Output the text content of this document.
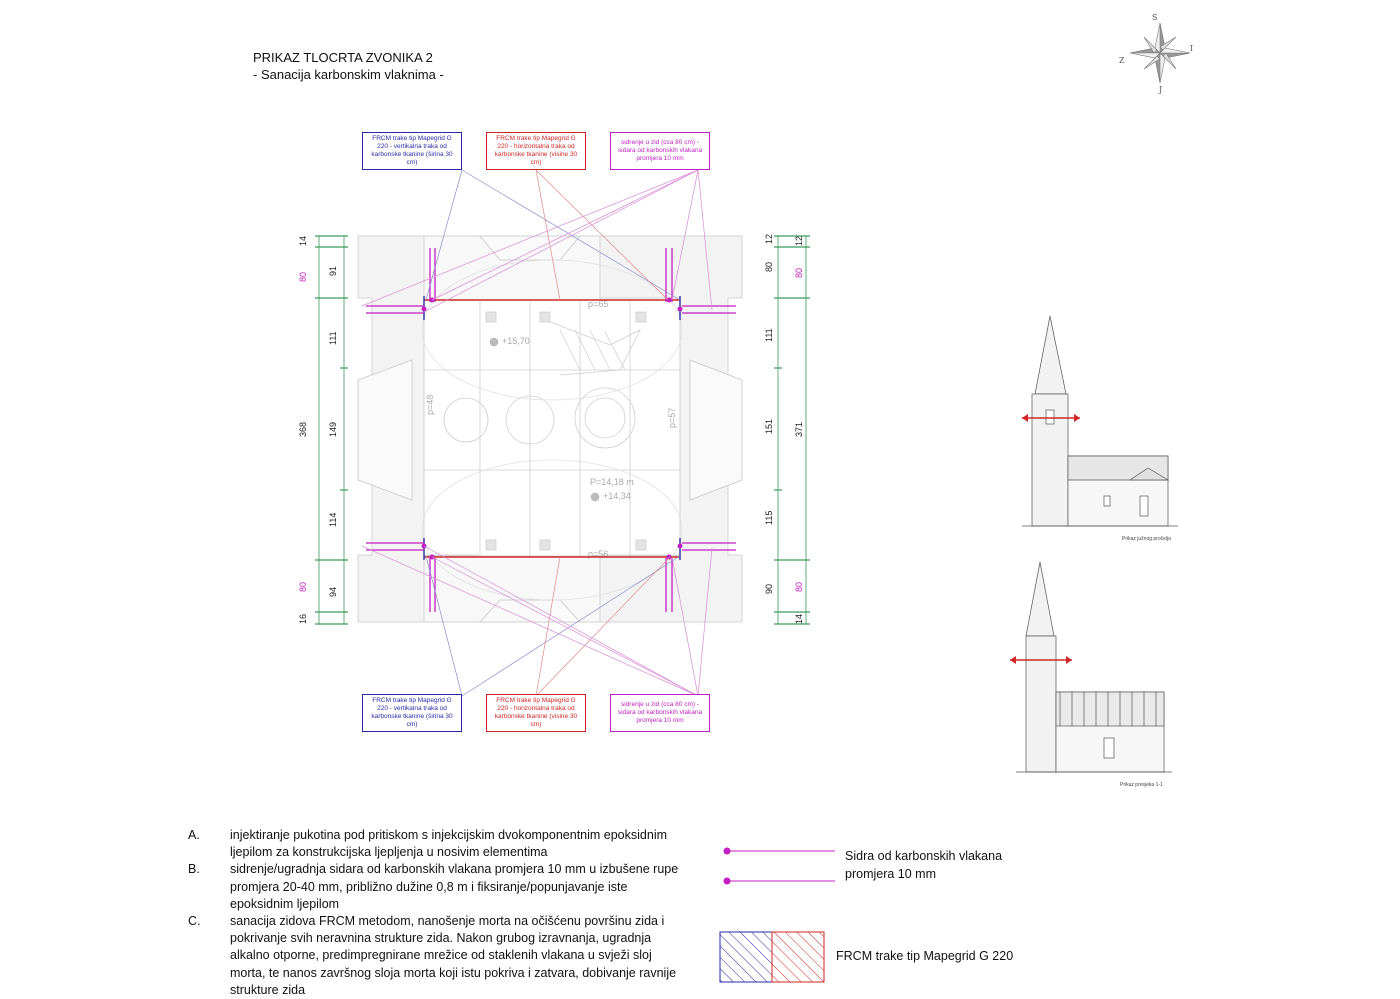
PRIKAZ TLOCRTA ZVONIKA 2
- Sanacija karbonskim vlaknima -
S
I
J
Z
p=65
p=56
p=48
p=57
+15,70
P=14,18 m
+14,34
14
91
111
149
114
94
16
368
12
80
111
151
115
90
12
14
371
80
80
80
80
FRCM trake tip Mapegrid G 220 - vertikalna traka od karbonske tkanine (širina 30 cm)
FRCM trake tip Mapegrid G 220 - horizontalna traka od karbonske tkanine (visine 30 cm)
sidrenje u zid (cca 80 cm) - sidara od karbonskih vlakana promjera 10 mm
FRCM trake tip Mapegrid G 220 - vertikalna traka od karbonske tkanine (širina 30 cm)
FRCM trake tip Mapegrid G 220 - horizontalna traka od karbonske tkanine (visine 30 cm)
sidrenje u zid (cca 80 cm) - sidara od karbonskih vlakana promjera 10 mm
Prikaz južnog pročelja
Prikaz presjeka 1-1
A.	injektiranje pukotina pod pritiskom s injekcijskim dvokomponentnim epoksidnim ljepilom za konstrukcijska ljepljenja u nosivim elementima
B.	sidrenje/ugradnja sidara od karbonskih vlakana promjera 10 mm u izbušene rupe promjera 20-40 mm, približno dužine 0,8 m i fiksiranje/popunjavanje iste epoksidnim ljepilom
C.	sanacija zidova FRCM metodom, nanošenje morta na očišćenu površinu zida i pokrivanje svih neravnina strukture zida. Nakon grubog izravnanja, ugradnja alkalno otporne, predimpregnirane mrežice od staklenih vlakana u svježi sloj morta, te nanos završnog sloja morta koji istu pokriva i zatvara, dobivanje ravnije strukture zida
Sidra od karbonskih vlakana promjera 10 mm
FRCM trake tip Mapegrid G 220
